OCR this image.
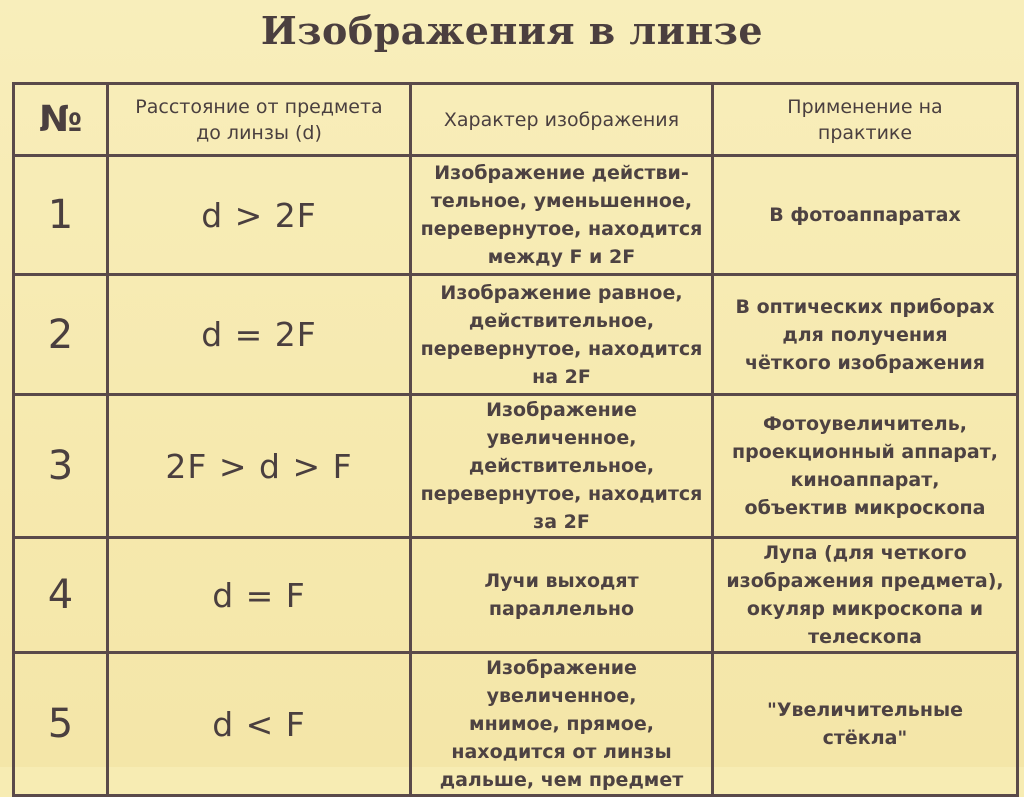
Изображения в линзе
№	Расстояние от предмета
до линзы (d)	Характер изображения	Применение на
практике

1	d > 2F	Изображение действи-
тельное, уменьшенное,
перевернутое, находится
между F и 2F	В фотоаппаратах

2	d = 2F	Изображение равное,
действительное,
перевернутое, находится
на 2F	В оптических приборах
для получения
чёткого изображения

3	2F > d > F	Изображение увеличенное,
действительное,
перевернутое, находится
за 2F	Фотоувеличитель,
проекционный аппарат,
киноаппарат,
объектив микроскопа

4	d = F	Лучи выходят
параллельно	Лупа (для четкого
изображения предмета),
окуляр микроскопа и
телескопа

5	d < F	Изображение увеличенное,
мнимое, прямое,
находится от линзы
дальше, чем предмет	"Увеличительные
стёкла"
